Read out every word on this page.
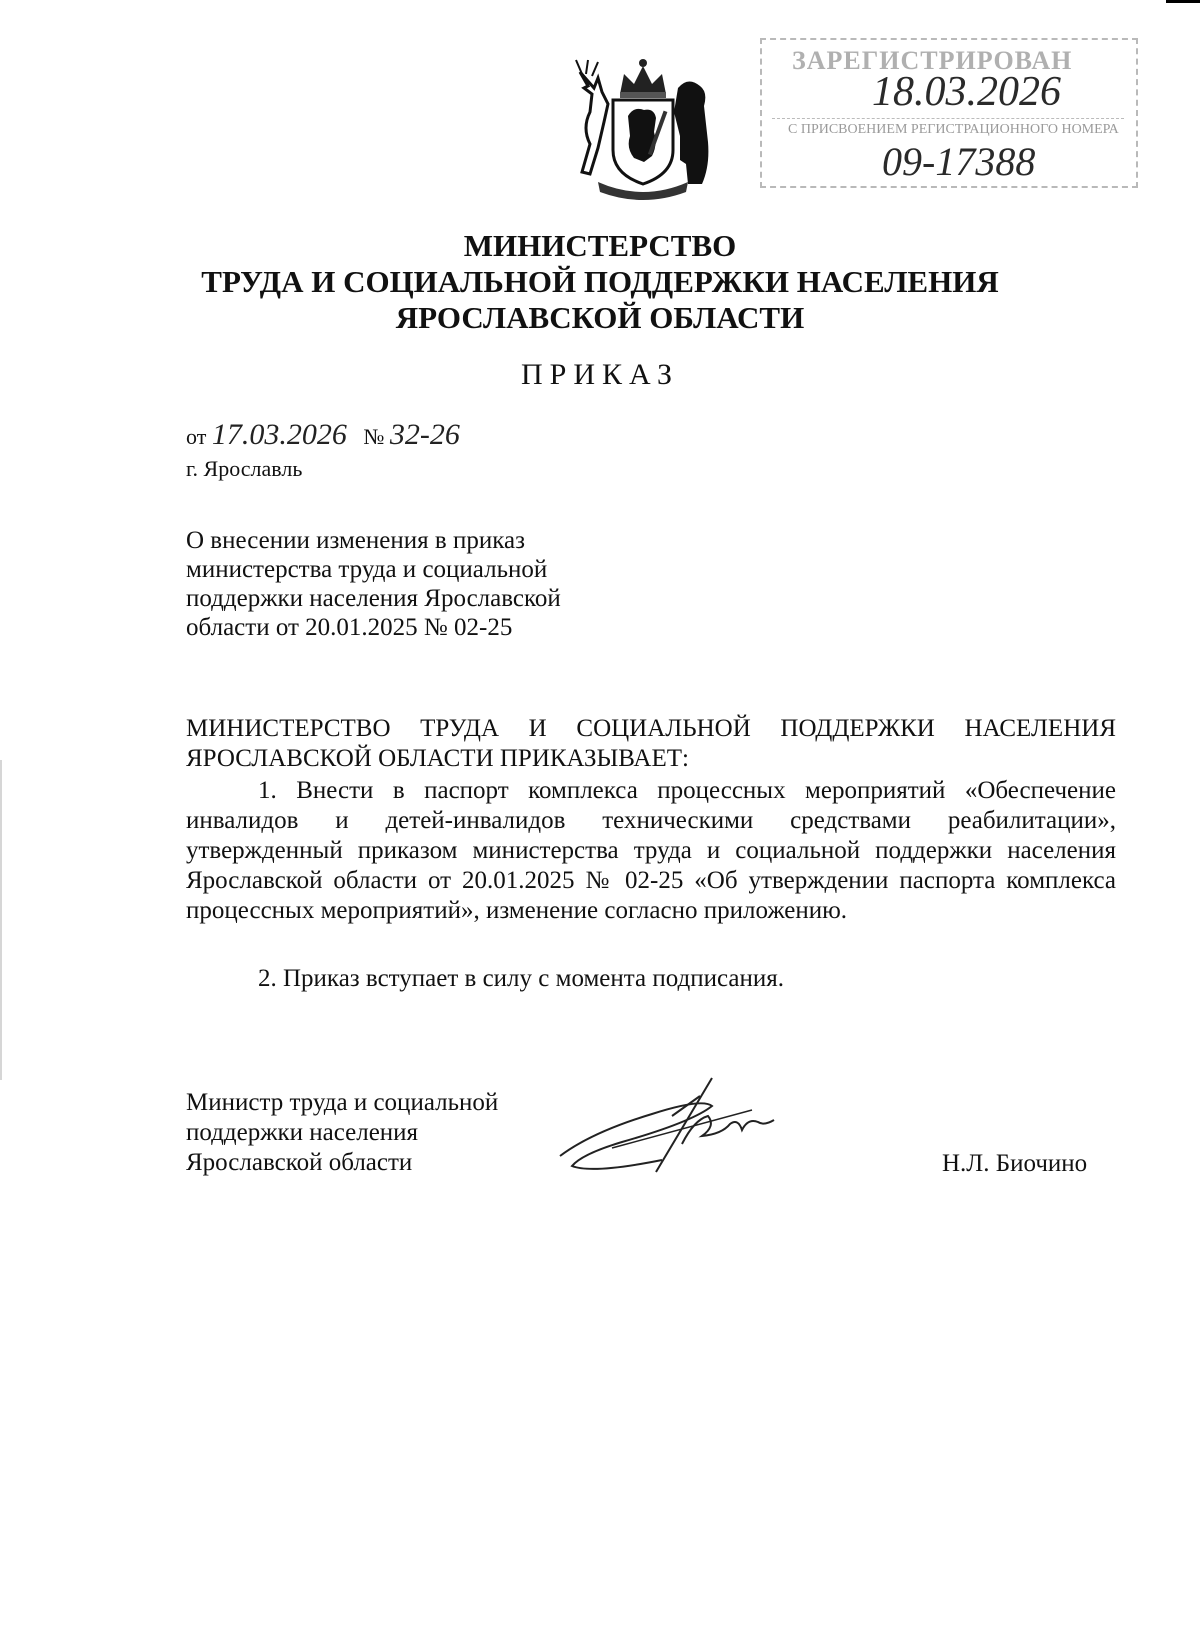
ЗАРЕГИСТРИРОВАН
18.03.2026
С ПРИСВОЕНИЕМ РЕГИСТРАЦИОННОГО НОМЕРА
09-17388
МИНИСТЕРСТВО
ТРУДА И СОЦИАЛЬНОЙ ПОДДЕРЖКИ НАСЕЛЕНИЯ
ЯРОСЛАВСКОЙ ОБЛАСТИ
ПРИКАЗ
от 17.03.2026 № 32-26
г. Ярославль
О внесении изменения в приказ
министерства труда и социальной
поддержки населения Ярославской
области от 20.01.2025 № 02-25
МИНИСТЕРСТВО ТРУДА И СОЦИАЛЬНОЙ ПОДДЕРЖКИ НАСЕЛЕНИЯ
ЯРОСЛАВСКОЙ ОБЛАСТИ ПРИКАЗЫВАЕТ:
1. Внести в паспорт комплекса процессных мероприятий «Обеспечение инвалидов и детей-инвалидов техническими средствами реабилитации», утвержденный приказом министерства труда и социальной поддержки населения Ярославской области от 20.01.2025 № 02-25 «Об утверждении паспорта комплекса процессных мероприятий», изменение согласно приложению.
2. Приказ вступает в силу с момента подписания.
Министр труда и социальной
поддержки населения
Ярославской области	Н.Л. Биочино
